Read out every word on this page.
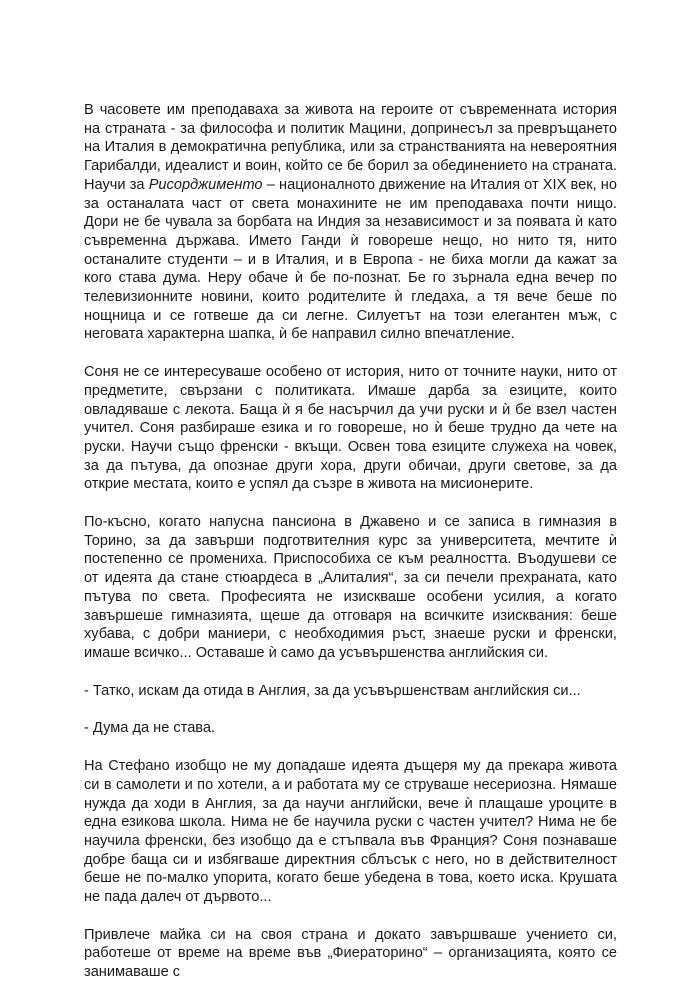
В часовете им преподаваха за живота на героите от съвременната история на страната - за философа и политик Мацини, допринесъл за превръщането на Италия в демократична република, или за странстванията на невероятния Гарибалди, идеалист и воин, който се бе борил за обединението на страната. Научи за Рисорджименто – националното движение на Италия от XIX век, но за останалата част от света монахините не им преподаваха почти нищо. Дори не бе чувала за борбата на Индия за независимост и за появата ѝ като съвременна държава. Името Ганди ѝ говореше нещо, но нито тя, нито останалите студенти – и в Италия, и в Европа - не биха могли да кажат за кого става дума. Неру обаче ѝ бе по-познат. Бе го зърнала една вечер по телевизионните новини, които родителите ѝ гледаха, а тя вече беше по нощница и се готвеше да си легне. Силуетът на този елегантен мъж, с неговата характерна шапка, ѝ бе направил силно впечатление.

Соня не се интересуваше особено от история, нито от точните науки, нито от предметите, свързани с политиката. Имаше дарба за езиците, които овладяваше с лекота. Баща ѝ я бе насърчил да учи руски и ѝ бе взел частен учител. Соня разбираше езика и го говореше, но ѝ беше трудно да чете на руски. Научи също френски - вкъщи. Освен това езиците служеха на човек, за да пътува, да опознае други хора, други обичаи, други светове, за да открие местата, които е успял да съзре в живота на мисионерите.

По-късно, когато напусна пансиона в Джавено и се записа в гимназия в Торино, за да завърши подготвителния курс за университета, мечтите ѝ постепенно се промениха. Приспособиха се към реалността. Въодушеви се от идеята да стане стюардеса в „Алиталия“, за си печели прехраната, като пътува по света. Професията не изискваше особени усилия, а когато завършеше гимназията, щеше да отговаря на всичките изисквания: беше хубава, с добри маниери, с необходимия ръст, знаеше руски и френски, имаше всичко... Оставаше ѝ само да усъвършенства английския си.

- Татко, искам да отида в Англия, за да усъвършенствам английския си...

- Дума да не става.

На Стефано изобщо не му допадаше идеята дъщеря му да прекара живота си в самолети и по хотели, а и работата му се струваше несериозна. Нямаше нужда да ходи в Англия, за да научи английски, вече ѝ плащаше уроците в една езикова школа. Нима не бе научила руски с частен учител? Нима не бе научила френски, без изобщо да е стъпвала във Франция? Соня познаваше добре баща си и избягваше директния сблъсък с него, но в действителност беше не по-малко упорита, когато беше убедена в това, което иска. Крушата не пада далеч от дървото...

Привлече майка си на своя страна и докато завършваше учението си, работеше от време на време във „Фиераторино“ – организацията, която се занимаваше с
